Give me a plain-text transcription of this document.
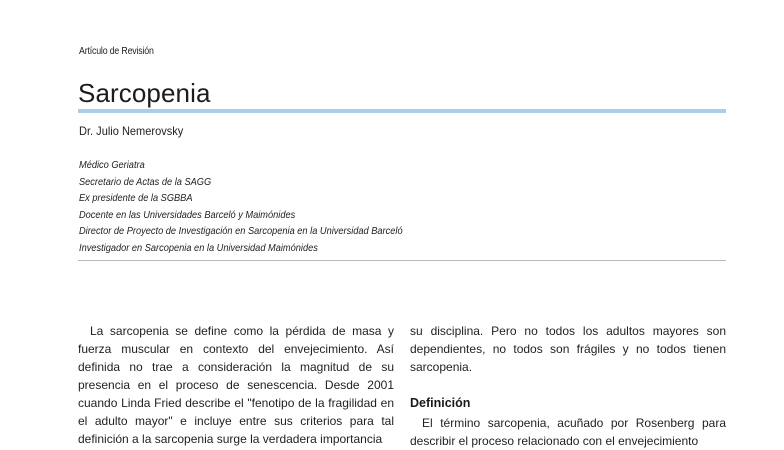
Artículo de Revisión
Sarcopenia
Dr. Julio Nemerovsky
Médico Geriatra
Secretario de Actas de la SAGG
Ex presidente de la SGBBA
Docente en las Universidades Barceló y Maimónides
Director de Proyecto de Investigación en Sarcopenia en la Universidad Barceló
Investigador en Sarcopenia en la Universidad Maimónides

La sarcopenia se define como la pérdida de masa y fuerza muscular en contexto del envejecimiento. Así definida no trae a consideración la magnitud de su presencia en el proceso de senescencia. Desde 2001 cuando Linda Fried describe el "fenotipo de la fragilidad en el adulto mayor" e incluye entre sus criterios para tal definición a la sarcopenia surge la verdadera importancia

su disciplina. Pero no todos los adultos mayores son dependientes, no todos son frágiles y no todos tienen sarcopenia.

Definición

El término sarcopenia, acuñado por Rosenberg para describir el proceso relacionado con el envejecimiento
